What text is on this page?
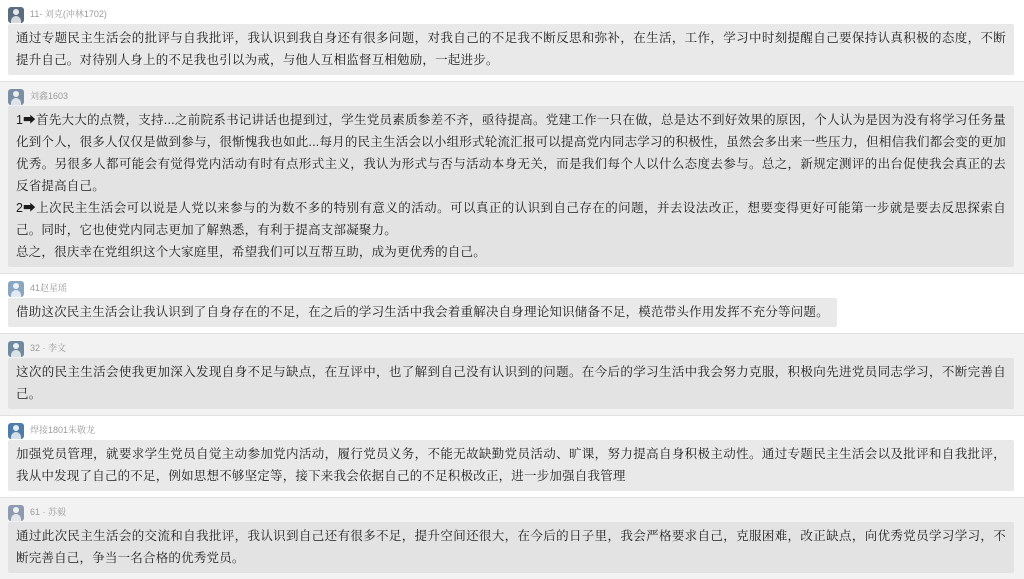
11- 刘克(冲林1702)

通过专题民主生活会的批评与自我批评，我认识到我自身还有很多问题，对我自己的不足我不断反思和弥补，在生活，工作，学习中时刻提醒自己要保持认真积极的态度，不断提升自己。对待别人身上的不足我也引以为戒，与他人互相监督互相勉励，一起进步。

刘鑫1603

1➡首先大大的点赞，支持...之前院系书记讲话也提到过，学生党员素质参差不齐，亟待提高。党建工作一只在做，总是达不到好效果的原因，个人认为是因为没有将学习任务量化到个人，很多人仅仅是做到参与，很惭愧我也如此...每月的民主生活会以小组形式轮流汇报可以提高党内同志学习的积极性，虽然会多出来一些压力，但相信我们都会变的更加优秀。另很多人都可能会有觉得党内活动有时有点形式主义，我认为形式与否与活动本身无关，而是我们每个人以什么态度去参与。总之，新规定测评的出台促使我会真正的去反省提高自己。

2➡上次民主生活会可以说是人党以来参与的为数不多的特别有意义的活动。可以真正的认识到自己存在的问题，并去设法改正，想要变得更好可能第一步就是要去反思探索自己。同时，它也使党内同志更加了解熟悉，有利于提高支部凝聚力。

总之，很庆幸在党组织这个大家庭里，希望我们可以互帮互助，成为更优秀的自己。

41赵星瑶

借助这次民主生活会让我认识到了自身存在的不足，在之后的学习生活中我会着重解决自身理论知识储备不足，模范带头作用发挥不充分等问题。

32 · 李文

这次的民主生活会使我更加深入发现自身不足与缺点，在互评中，也了解到自己没有认识到的问题。在今后的学习生活中我会努力克服，积极向先进党员同志学习，不断完善自己。

焊接1801朱敬龙

加强党员管理，就要求学生党员自觉主动参加党内活动，履行党员义务，不能无故缺勤党员活动、旷课，努力提高自身积极主动性。通过专题民主生活会以及批评和自我批评，我从中发现了自己的不足，例如思想不够坚定等，接下来我会依据自己的不足积极改正，进一步加强自我管理

61 · 苏毅

通过此次民主生活会的交流和自我批评，我认识到自己还有很多不足，提升空间还很大，在今后的日子里，我会严格要求自己，克服困难，改正缺点，向优秀党员学习学习，不断完善自己，争当一名合格的优秀党员。
